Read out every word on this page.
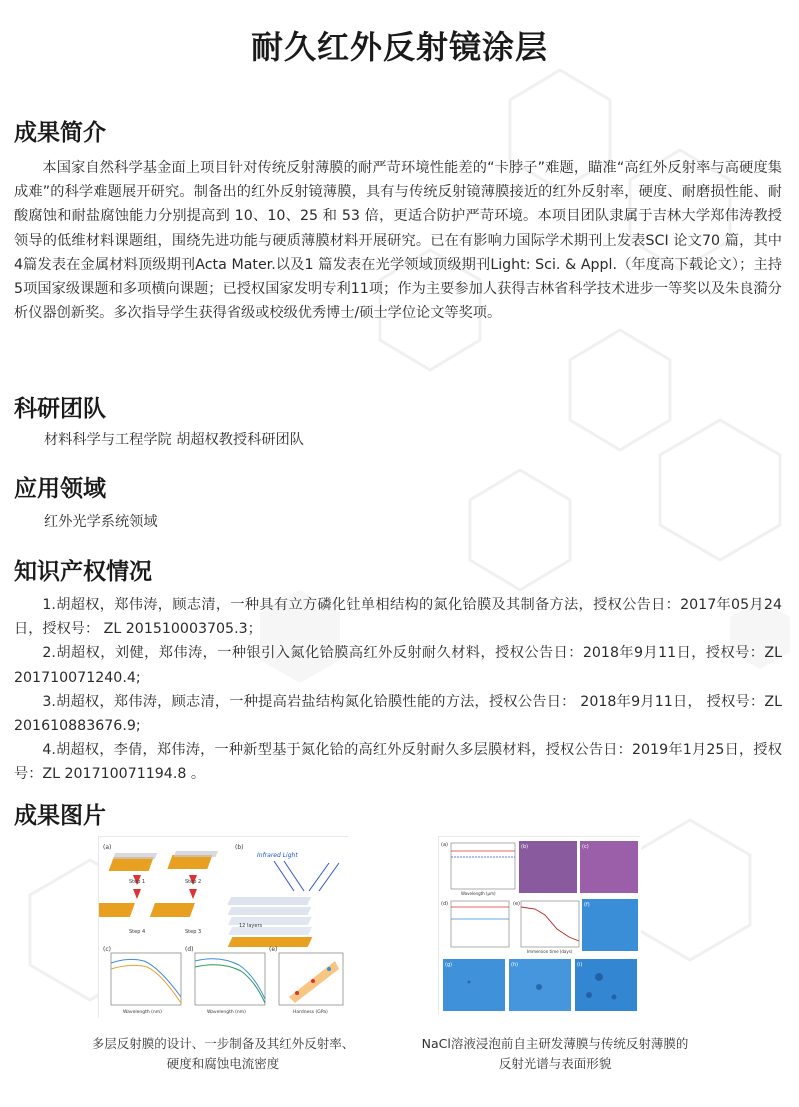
耐久红外反射镜涂层
成果简介
本国家自然科学基金面上项目针对传统反射薄膜的耐严苛环境性能差的“卡脖子”难题，瞄准“高红外反射率与高硬度集成难”的科学难题展开研究。制备出的红外反射镜薄膜，具有与传统反射镜薄膜接近的红外反射率，硬度、耐磨损性能、耐酸腐蚀和耐盐腐蚀能力分别提高到 10、10、25 和 53 倍，更适合防护严苛环境。本项目团队隶属于吉林大学郑伟涛教授领导的低维材料课题组，围绕先进功能与硬质薄膜材料开展研究。已在有影响力国际学术期刊上发表SCI 论文70 篇，其中4篇发表在金属材料顶级期刊Acta Mater.以及1 篇发表在光学领域顶级期刊Light: Sci. & Appl.（年度高下载论文）；主持5项国家级课题和多项横向课题；已授权国家发明专利11项；作为主要参加人获得吉林省科学技术进步一等奖以及朱良漪分析仪器创新奖。多次指导学生获得省级或校级优秀博士/硕士学位论文等奖项。
科研团队
材料科学与工程学院 胡超权教授科研团队
应用领域
红外光学系统领域
知识产权情况

1.胡超权，郑伟涛，顾志清，一种具有立方磷化钍单相结构的氮化铪膜及其制备方法，授权公告日：2017年05月24日，授权号： ZL 201510003705.3；

2.胡超权，刘健，郑伟涛，一种银引入氮化铪膜高红外反射耐久材料，授权公告日：2018年9月11日，授权号：ZL 201710071240.4;

3.胡超权，郑伟涛，顾志清，一种提高岩盐结构氮化铪膜性能的方法，授权公告日： 2018年9月11日， 授权号：ZL 201610883676.9;

4.胡超权，李倩，郑伟涛，一种新型基于氮化铪的高红外反射耐久多层膜材料，授权公告日：2019年1月25日，授权号：ZL 201710071194.8 。

成果图片
(a)
Step 1	Step 2
Step 4	Step 3
(b)
Infrared Light
12 layers
(c)
Wavelength (nm)
(d)
Wavelength (nm)
(e)
Hardness (GPa)
多层反射膜的设计、一步制备及其红外反射率、
硬度和腐蚀电流密度
(a)
Wavelength (μm)
(b)	(c)
(d)	(e)
Immersion time (days)
(f)
(g)	(h)	(i)
NaCl溶液浸泡前自主研发薄膜与传统反射薄膜的
反射光谱与表面形貌
